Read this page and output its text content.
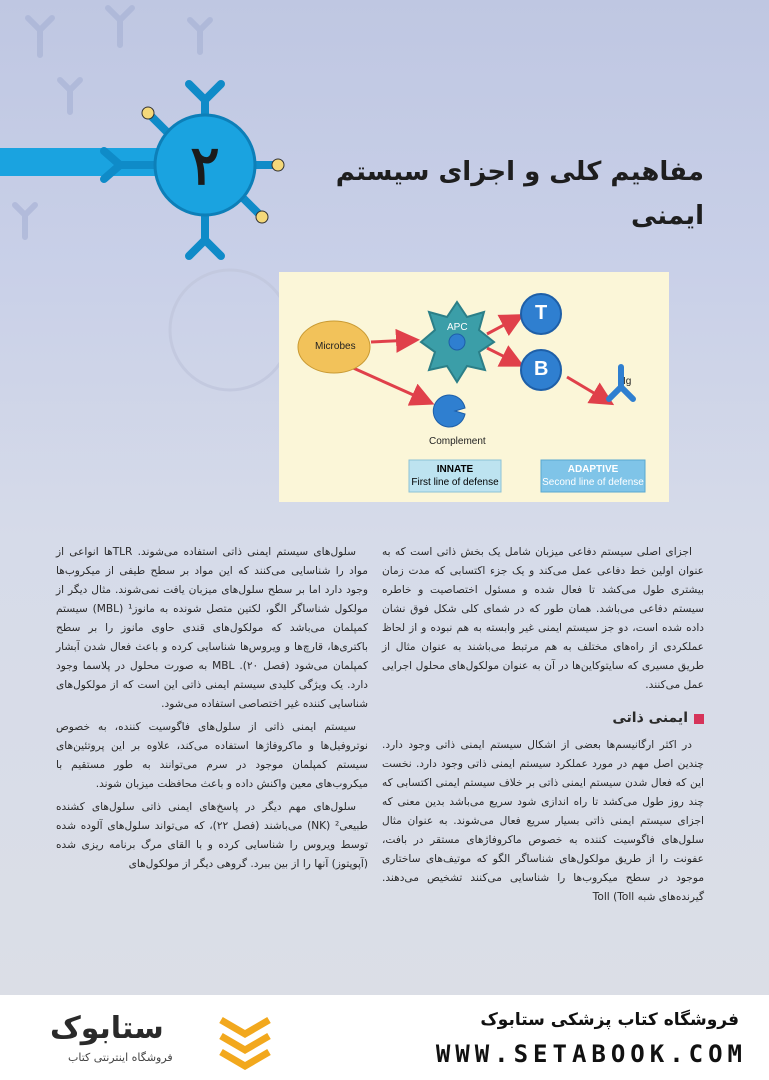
۲	مفاهیم کلی و اجزای سیستم ایمنی
Microbes
APC
T
B
Ig
Complement
INNATE
First line of defense
ADAPTIVE
Second line of defense

اجزای اصلی سیستم دفاعی میزبان شامل یک بخش ذاتی است که به عنوان اولین خط دفاعی عمل می‌کند و یک جزء اکتسابی که مدت زمان بیشتری طول می‌کشد تا فعال شده و مسئول اختصاصیت و خاطره سیستم دفاعی می‌باشد. همان طور که در شمای کلی شکل فوق نشان داده شده است، دو جز سیستم ایمنی غیر وابسته به هم نبوده و از لحاظ عملکردی از راه‌های مختلف به هم مرتبط می‌باشند به عنوان مثال از طریق مسیری که سایتوکاین‌ها در آن به عنوان مولکول‌های محلول اجرایی عمل می‌کنند.

ایمنی ذاتی

در اکثر ارگانیسم‌ها بعضی از اشکال سیستم ایمنی ذاتی وجود دارد. چندین اصل مهم در مورد عملکرد سیستم ایمنی ذاتی وجود دارد. نخست این که فعال شدن سیستم ایمنی ذاتی بر خلاف سیستم ایمنی اکتسابی که چند روز طول می‌کشد تا راه اندازی شود سریع می‌باشد بدین معنی که اجزای سیستم ایمنی ذاتی بسیار سریع فعال می‌شوند. به عنوان مثال سلول‌های فاگوسیت کننده به خصوص ماکروفاژهای مستقر در بافت، عفونت را از طریق مولکول‌های شناساگر الگو که موتیف‌های ساختاری موجود در سطح میکروب‌ها را شناسایی می‌کنند تشخیص می‌دهند. گیرنده‌های شبه Toll (Toll

سلول‌های سیستم ایمنی ذاتی استفاده می‌شوند. TLRها انواعی از مواد را شناسایی می‌کنند که این مواد بر سطح طیفی از میکروب‌ها وجود دارد اما بر سطح سلول‌های میزبان یافت نمی‌شوند. مثال دیگر از مولکول شناساگر الگو، لکتین متصل شونده به مانوز¹ (MBL) سیستم کمپلمان می‌باشد که مولکول‌های قندی حاوی مانوز را بر سطح باکتری‌ها، قارچ‌ها و ویروس‌ها شناسایی کرده و باعث فعال شدن آبشار کمپلمان می‌شود (فصل ۲۰). MBL به صورت محلول در پلاسما وجود دارد. یک ویژگی کلیدی سیستم ایمنی ذاتی این است که از مولکول‌های شناسایی کننده غیر اختصاصی استفاده می‌شود.

سیستم ایمنی ذاتی از سلول‌های فاگوسیت کننده، به خصوص نوتروفیل‌ها و ماکروفاژها استفاده می‌کند، علاوه بر این پروتئین‌های سیستم کمپلمان موجود در سرم می‌توانند به طور مستقیم با میکروب‌های معین واکنش داده و باعث محافظت میزبان شوند.

سلول‌های مهم دیگر در پاسخ‌های ایمنی ذاتی سلول‌های کشنده طبیعی² (NK) می‌باشند (فصل ۲۲)، که می‌تواند سلول‌های آلوده شده توسط ویروس را شناسایی کرده و با القای مرگ برنامه ریزی شده (آپوپتوز) آنها را از بین ببرد. گروهی دیگر از مولکول‌های

ستابوک
فروشگاه اینترنتی کتاب
فروشگاه کتاب پزشکی ستابوک
WWW.SETABOOK.COM
